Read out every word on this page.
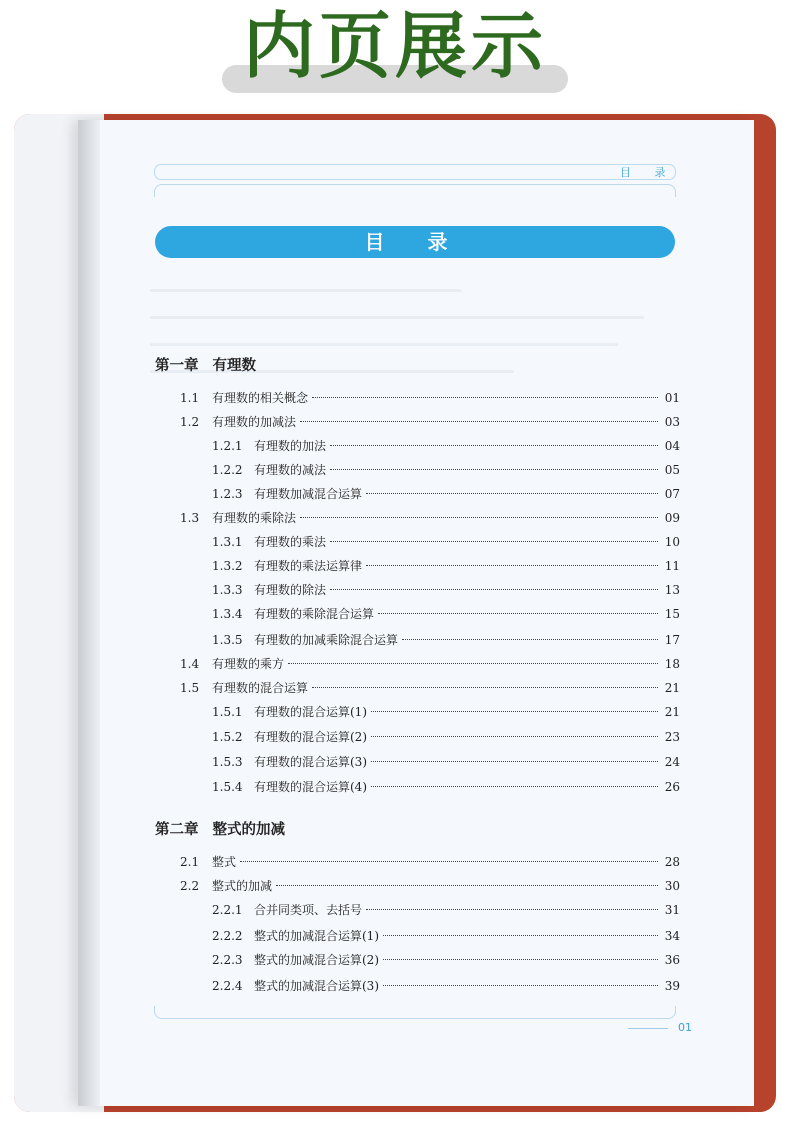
内页展示
目 录
目 录
第一章 有理数
1.1	有理数的相关概念	01
1.2	有理数的加减法	03
1.2.1 有理数的加法	04
1.2.2 有理数的减法	05
1.2.3 有理数加减混合运算	07
1.3	有理数的乘除法	09
1.3.1 有理数的乘法	10
1.3.2 有理数的乘法运算律	11
1.3.3 有理数的除法	13
1.3.4 有理数的乘除混合运算	15
1.3.5 有理数的加减乘除混合运算	17
1.4	有理数的乘方	18
1.5	有理数的混合运算	21
1.5.1 有理数的混合运算(1)	21
1.5.2 有理数的混合运算(2)	23
1.5.3 有理数的混合运算(3)	24
1.5.4 有理数的混合运算(4)	26
第二章 整式的加减
2.1	整式	28
2.2	整式的加减	30
2.2.1 合并同类项、去括号	31
2.2.2 整式的加减混合运算(1)	34
2.2.3 整式的加减混合运算(2)	36
2.2.4 整式的加减混合运算(3)	39
01
